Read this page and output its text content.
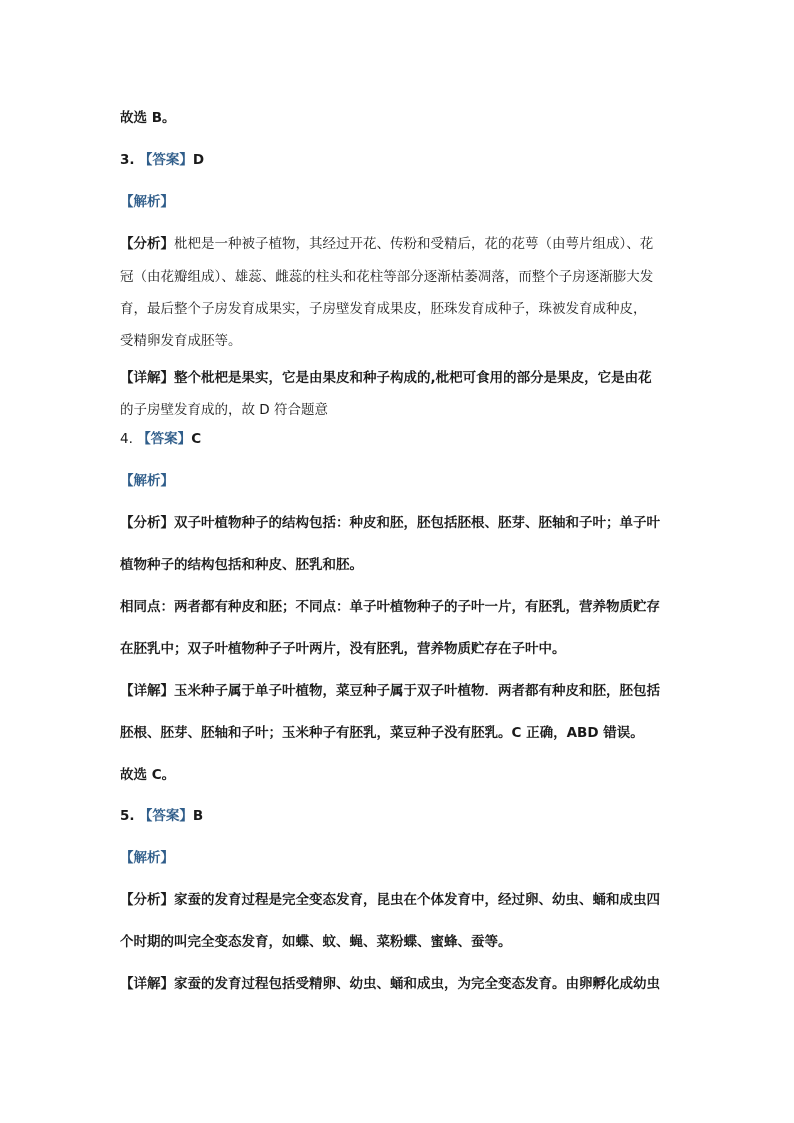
故选 B。
3. 【答案】D
【解析】
【分析】枇杷是一种被子植物，其经过开花、传粉和受精后，花的花萼（由萼片组成）、花
冠（由花瓣组成）、雄蕊、雌蕊的柱头和花柱等部分逐渐枯萎凋落，而整个子房逐渐膨大发
育，最后整个子房发育成果实，子房壁发育成果皮，胚珠发育成种子，珠被发育成种皮，
受精卵发育成胚等。
【详解】整个枇杷是果实，它是由果皮和种子构成的,枇杷可食用的部分是果皮，它是由花
的子房壁发育成的，故 D 符合题意
4. 【答案】C
【解析】
【分析】双子叶植物种子的结构包括：种皮和胚，胚包括胚根、胚芽、胚轴和子叶；单子叶
植物种子的结构包括和种皮、胚乳和胚。
相同点：两者都有种皮和胚；不同点：单子叶植物种子的子叶一片，有胚乳，营养物质贮存
在胚乳中；双子叶植物种子子叶两片，没有胚乳，营养物质贮存在子叶中。
【详解】玉米种子属于单子叶植物，菜豆种子属于双子叶植物．两者都有种皮和胚，胚包括
胚根、胚芽、胚轴和子叶；玉米种子有胚乳，菜豆种子没有胚乳。C 正确，ABD 错误。
故选 C。
5. 【答案】B
【解析】
【分析】家蚕的发育过程是完全变态发育，昆虫在个体发育中，经过卵、幼虫、蛹和成虫四
个时期的叫完全变态发育，如蝶、蚊、蝇、菜粉蝶、蜜蜂、蚕等。
【详解】家蚕的发育过程包括受精卵、幼虫、蛹和成虫，为完全变态发育。由卵孵化成幼虫
